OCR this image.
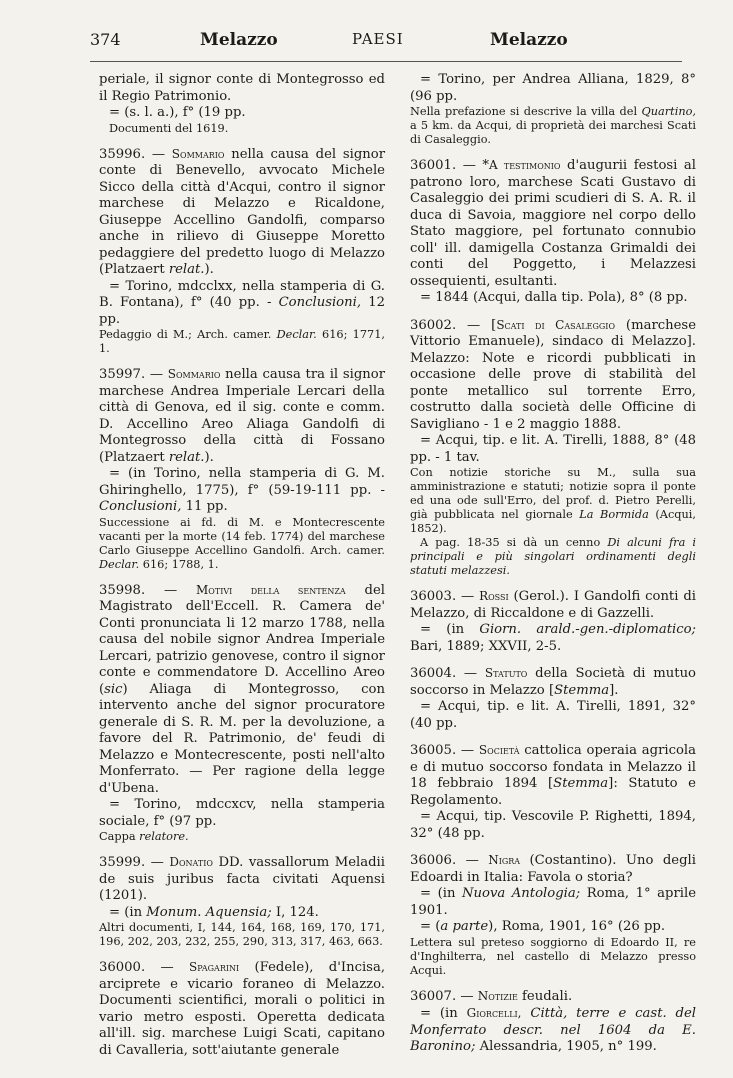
374	Melazzo	PAESI	Melazzo

periale, il signor conte di Montegrosso ed il Regio Patrimonio.

= (s. l. a.), f° (19 pp.

Documenti del 1619.

35996. — Sommario nella causa del signor conte di Benevello, avvocato Michele Sicco della città d'Acqui, contro il signor marchese di Melazzo e Ricaldone, Giuseppe Accellino Gandolfi, comparso anche in rilievo di Giuseppe Moretto pedaggiere del predetto luogo di Melazzo (Platzaert relat.).

= Torino, mdcclxx, nella stamperia di G. B. Fontana), f° (40 pp. - Conclusioni, 12 pp.

Pedaggio di M.; Arch. camer. Declar. 616; 1771, 1.

35997. — Sommario nella causa tra il signor marchese Andrea Imperiale Lercari della città di Genova, ed il sig. conte e comm. D. Accellino Areo Aliaga Gandolfi di Montegrosso della città di Fossano (Platzaert relat.).

= (in Torino, nella stamperia di G. M. Ghiringhello, 1775), f° (59-19-111 pp. - Conclusioni, 11 pp.

Successione ai fd. di M. e Montecrescente vacanti per la morte (14 feb. 1774) del marchese Carlo Giuseppe Accellino Gandolfi. Arch. camer. Declar. 616; 1788, 1.

35998. — Motivi della sentenza del Magistrato dell'Eccell. R. Camera de' Conti pronunciata li 12 marzo 1788, nella causa del nobile signor Andrea Imperiale Lercari, patrizio genovese, contro il signor conte e commendatore D. Accellino Areo (sic) Aliaga di Montegrosso, con intervento anche del signor procuratore generale di S. R. M. per la devoluzione, a favore del R. Patrimonio, de' feudi di Melazzo e Montecrescente, posti nell'alto Monferrato. — Per ragione della legge d'Ubena.

= Torino, mdccxcv, nella stamperia sociale, f° (97 pp.

Cappa relatore.

35999. — Donatio DD. vassallorum Meladii de suis juribus facta civitati Aquensi (1201).

= (in Monum. Aquensia; I, 124.

Altri documenti, I, 144, 164, 168, 169, 170, 171, 196, 202, 203, 232, 255, 290, 313, 317, 463, 663.

36000. — Spagarini (Fedele), d'Incisa, arciprete e vicario foraneo di Melazzo. Documenti scientifici, morali o politici in vario metro esposti. Operetta dedicata all'ill. sig. marchese Luigi Scati, capitano di Cavalleria, sott'aiutante generale

= Torino, per Andrea Alliana, 1829, 8° (96 pp.

Nella prefazione si descrive la villa del Quartino, a 5 km. da Acqui, di proprietà dei marchesi Scati di Casaleggio.

36001. — *A testimonio d'augurii festosi al patrono loro, marchese Scati Gustavo di Casaleggio dei primi scudieri di S. A. R. il duca di Savoia, maggiore nel corpo dello Stato maggiore, pel fortunato connubio coll' ill. damigella Costanza Grimaldi dei conti del Poggetto, i Melazzesi ossequienti, esultanti.

= 1844 (Acqui, dalla tip. Pola), 8° (8 pp.

36002. — [Scati di Casaleggio (marchese Vittorio Emanuele), sindaco di Melazzo]. Melazzo: Note e ricordi pubblicati in occasione delle prove di stabilità del ponte metallico sul torrente Erro, costrutto dalla società delle Officine di Savigliano - 1 e 2 maggio 1888.

= Acqui, tip. e lit. A. Tirelli, 1888, 8° (48 pp. - 1 tav.

Con notizie storiche su M., sulla sua amministrazione e statuti; notizie sopra il ponte ed una ode sull'Erro, del prof. d. Pietro Perelli, già pubblicata nel giornale La Bormida (Acqui, 1852).

A pag. 18-35 si dà un cenno Di alcuni fra i principali e più singolari ordinamenti degli statuti melazzesi.

36003. — Rossi (Gerol.). I Gandolfi conti di Melazzo, di Riccaldone e di Gazzelli.

= (in Giorn. arald.-gen.-diplomatico; Bari, 1889; XXVII, 2-5.

36004. — Statuto della Società di mutuo soccorso in Melazzo [Stemma].

= Acqui, tip. e lit. A. Tirelli, 1891, 32° (40 pp.

36005. — Società cattolica operaia agricola e di mutuo soccorso fondata in Melazzo il 18 febbraio 1894 [Stemma]: Statuto e Regolamento.

= Acqui, tip. Vescovile P. Righetti, 1894, 32° (48 pp.

36006. — Nigra (Costantino). Uno degli Edoardi in Italia: Favola o storia?

= (in Nuova Antologia; Roma, 1° aprile 1901.

= (a parte), Roma, 1901, 16° (26 pp.

Lettera sul preteso soggiorno di Edoardo II, re d'Inghilterra, nel castello di Melazzo presso Acqui.

36007. — Notizie feudali.

= (in Giorcelli, Città, terre e cast. del Monferrato descr. nel 1604 da E. Baronino; Alessandria, 1905, n° 199.
